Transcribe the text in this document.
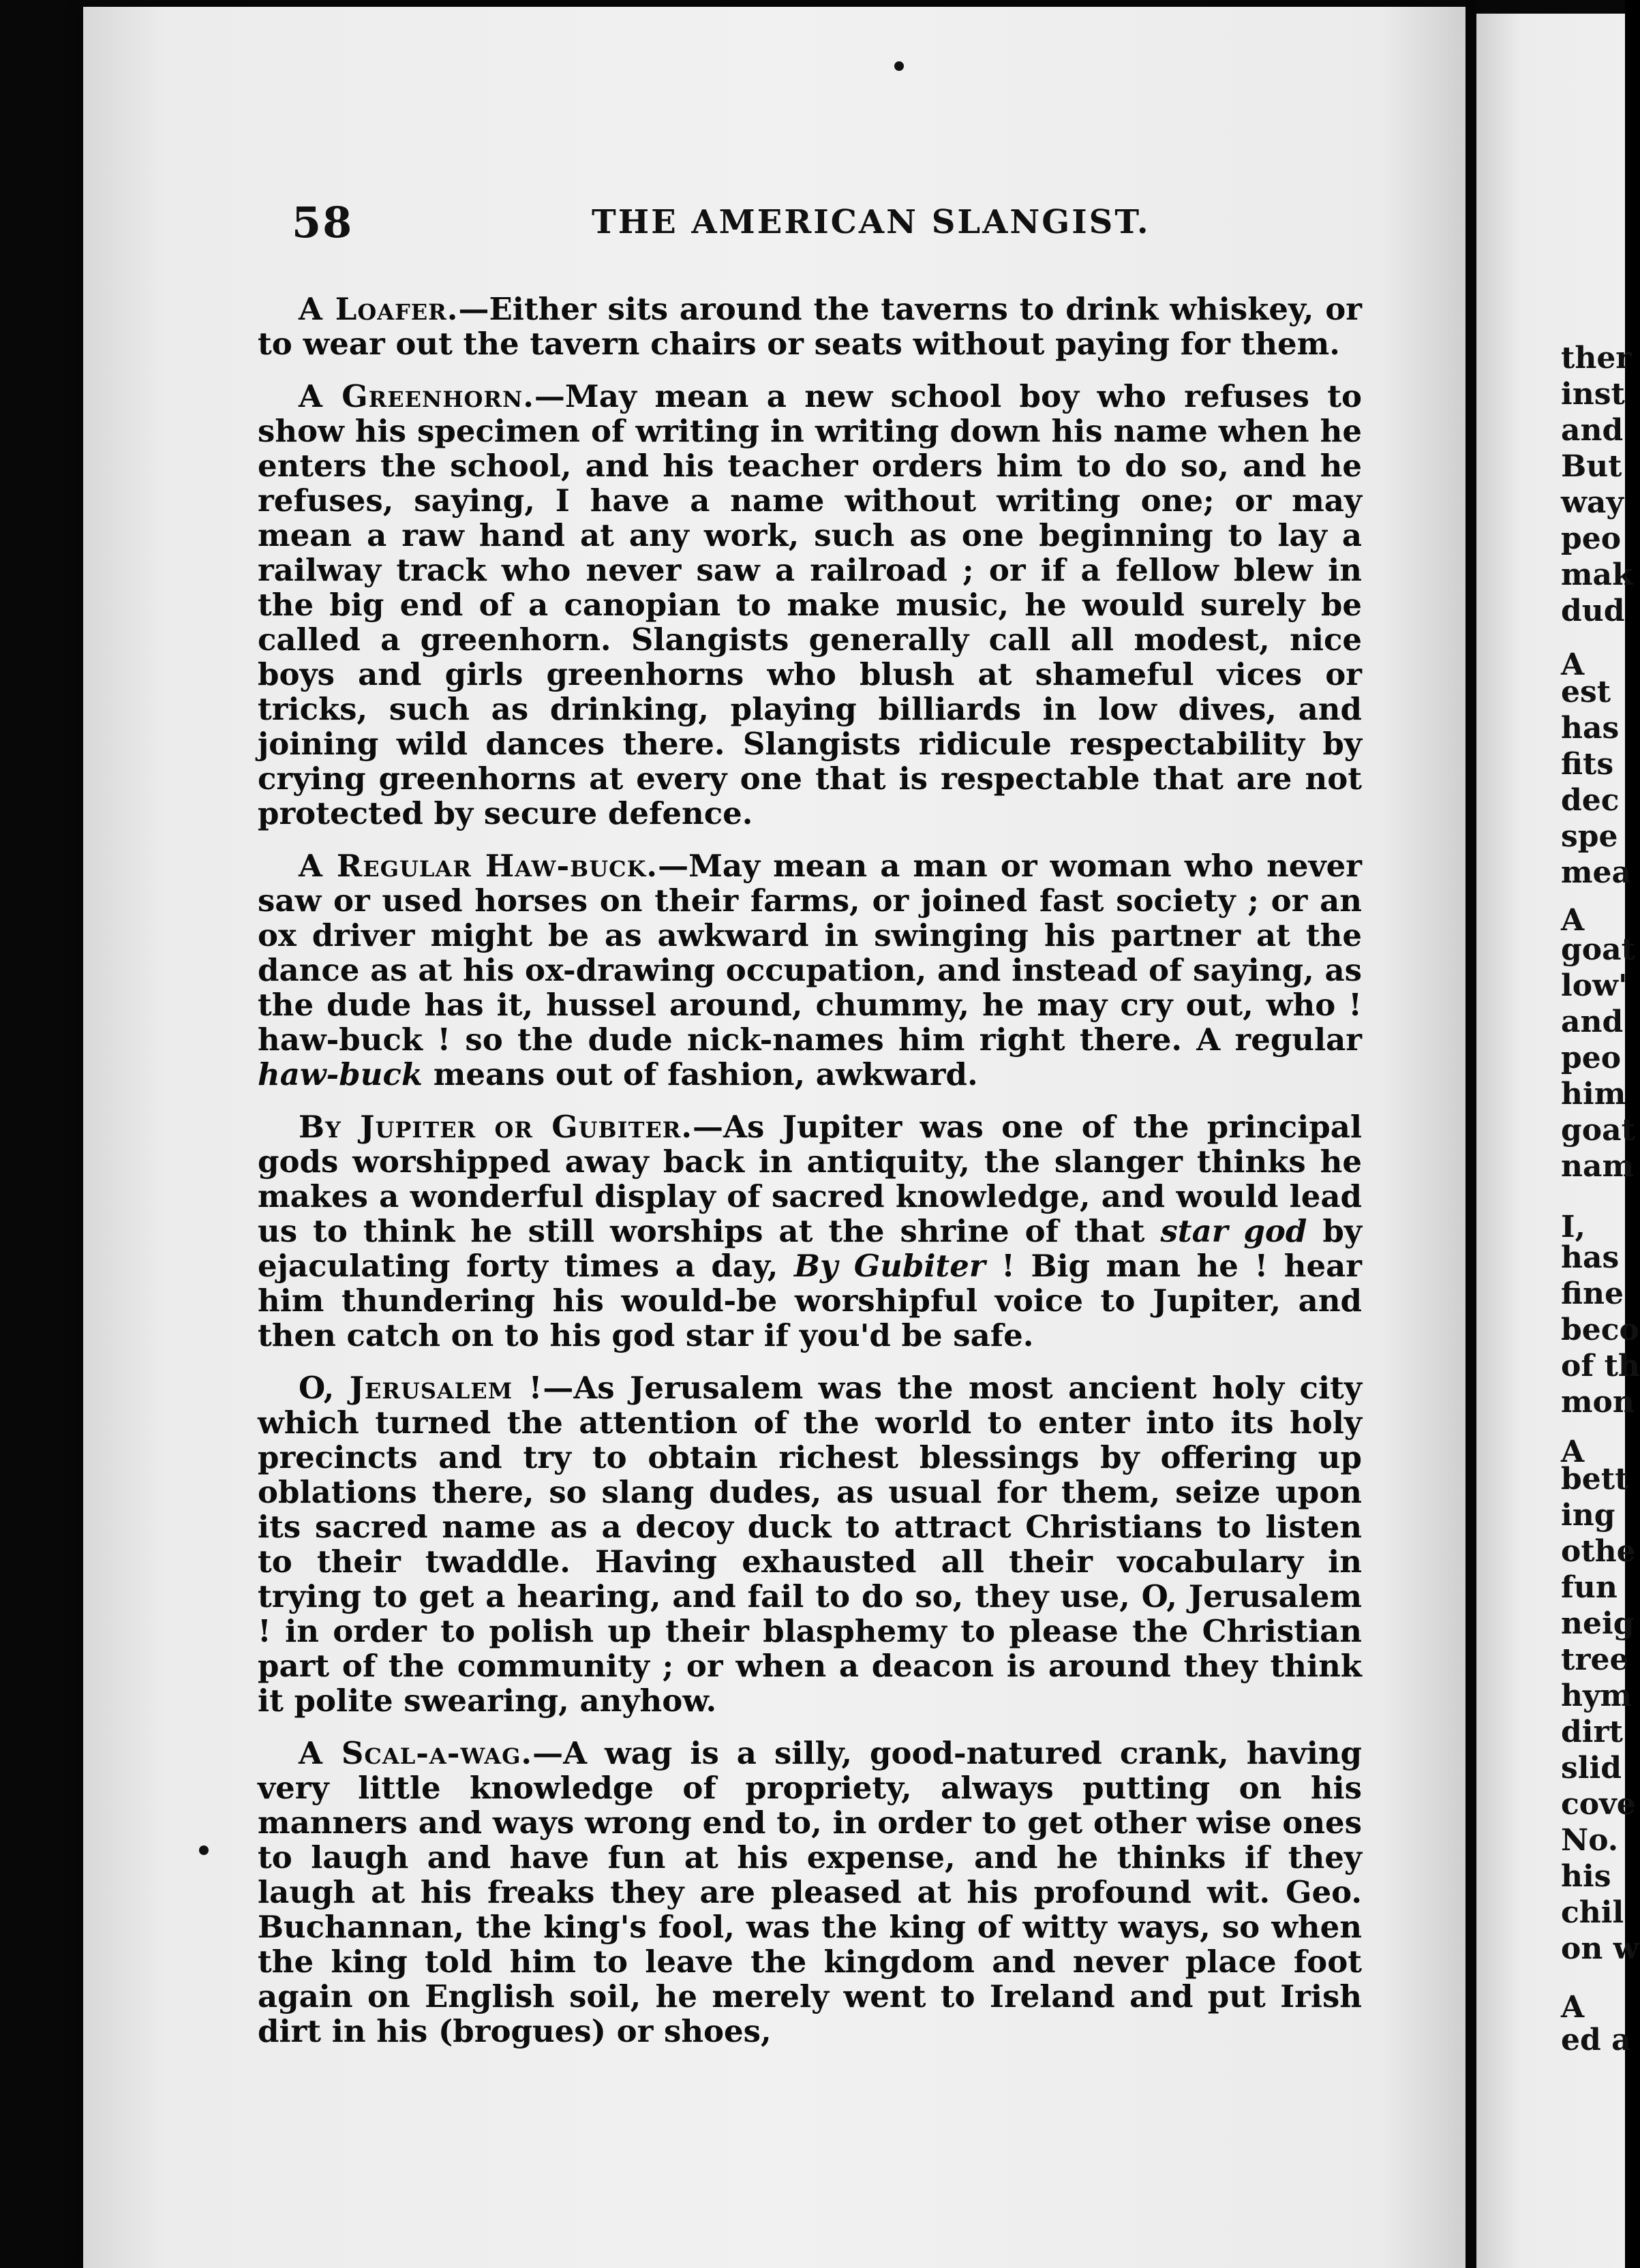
58	THE AMERICAN SLANGIST.

A Loafer.—Either sits around the taverns to drink whiskey, or to wear out the tavern chairs or seats without paying for them.

A Greenhorn.—May mean a new school boy who refuses to show his specimen of writing in writing down his name when he enters the school, and his teacher orders him to do so, and he refuses, saying, I have a name without writing one; or may mean a raw hand at any work, such as one beginning to lay a railway track who never saw a railroad ; or if a fellow blew in the big end of a canopian to make music, he would surely be called a greenhorn. Slangists generally call all modest, nice boys and girls greenhorns who blush at shameful vices or tricks, such as drinking, playing billiards in low dives, and joining wild dances there. Slangists ridicule respectability by crying greenhorns at every one that is respectable that are not protected by secure defence.

A Regular Haw-buck.—May mean a man or woman who never saw or used horses on their farms, or joined fast society ; or an ox driver might be as awkward in swinging his partner at the dance as at his ox-drawing occupation, and instead of saying, as the dude has it, hussel around, chummy, he may cry out, who ! haw-buck ! so the dude nick-names him right there. A regular haw-buck means out of fashion, awkward.

By Jupiter or Gubiter.—As Jupiter was one of the principal gods worshipped away back in antiquity, the slanger thinks he makes a wonderful display of sacred knowledge, and would lead us to think he still worships at the shrine of that star god by ejaculating forty times a day, By Gubiter ! Big man he ! hear him thundering his would-be worshipful voice to Jupiter, and then catch on to his god star if you'd be safe.

O, Jerusalem !—As Jerusalem was the most ancient holy city which turned the attention of the world to enter into its holy precincts and try to obtain richest blessings by offering up oblations there, so slang dudes, as usual for them, seize upon its sacred name as a decoy duck to attract Christians to listen to their twaddle. Having exhausted all their vocabulary in trying to get a hearing, and fail to do so, they use, O, Jerusalem ! in order to polish up their blasphemy to please the Christian part of the community ; or when a deacon is around they think it polite swearing, anyhow.

A Scal-a-wag.—A wag is a silly, good-natured crank, having very little knowledge of propriety, always putting on his manners and ways wrong end to, in order to get other wise ones to laugh and have fun at his expense, and he thinks if they laugh at his freaks they are pleased at his profound wit. Geo. Buchannan, the king's fool, was the king of witty ways, so when the king told him to leave the kingdom and never place foot again on English soil, he merely went to Ireland and put Irish dirt in his (brogues) or shoes,

ther
inst
and
But
way
peo
mak
dud
A
est
has
fits
dec
spe
mea
A
goat
low'
and
peo
him
goat
nam
I,
has
fine
beco
of th
mon
A
bett
ing
othe
fun
neig
tree
hym
dirt
slid
cove
No.
his
chil
on w
A
ed a
